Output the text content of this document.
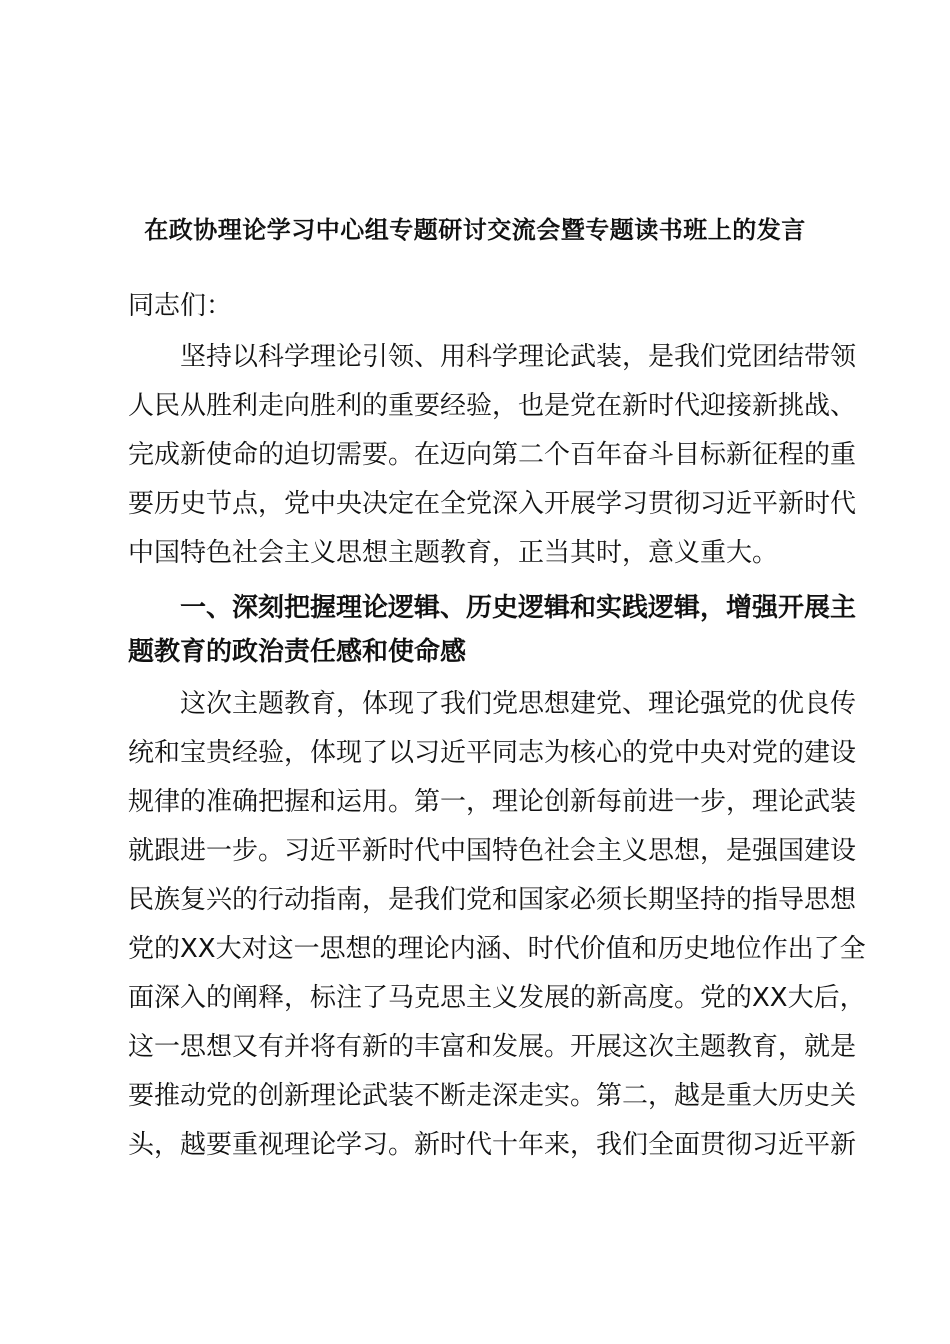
在政协理论学习中心组专题研讨交流会暨专题读书班上的发言
同志们：
坚持以科学理论引领、用科学理论武装，是我们党团结带领
人民从胜利走向胜利的重要经验，也是党在新时代迎接新挑战、
完成新使命的迫切需要。在迈向第二个百年奋斗目标新征程的重
要历史节点，党中央决定在全党深入开展学习贯彻习近平新时代
中国特色社会主义思想主题教育，正当其时，意义重大。
一、深刻把握理论逻辑、历史逻辑和实践逻辑，增强开展主
题教育的政治责任感和使命感
这次主题教育，体现了我们党思想建党、理论强党的优良传
统和宝贵经验，体现了以习近平同志为核心的党中央对党的建设
规律的准确把握和运用。第一，理论创新每前进一步，理论武装
就跟进一步。习近平新时代中国特色社会主义思想，是强国建设
民族复兴的行动指南，是我们党和国家必须长期坚持的指导思想
党的XX大对这一思想的理论内涵、时代价值和历史地位作出了全
面深入的阐释，标注了马克思主义发展的新高度。党的XX大后，
这一思想又有并将有新的丰富和发展。开展这次主题教育，就是
要推动党的创新理论武装不断走深走实。第二，越是重大历史关
头，越要重视理论学习。新时代十年来，我们全面贯彻习近平新
